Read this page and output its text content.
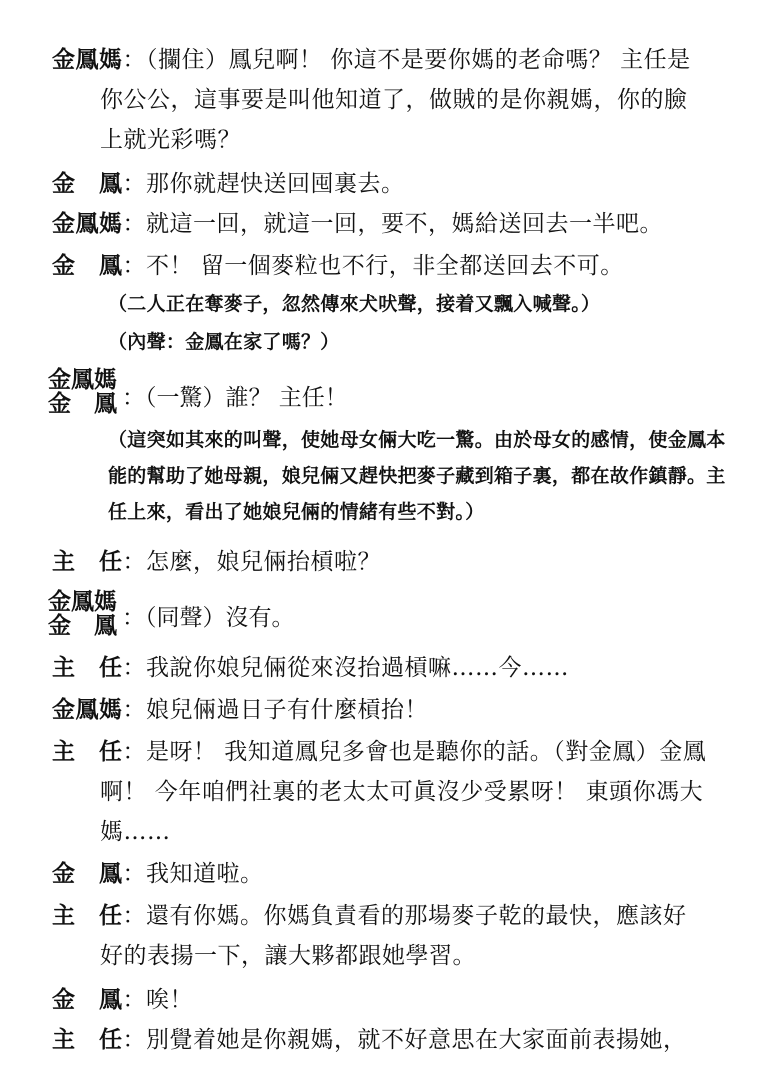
金鳳媽：（攔住）鳳兒啊！ 你這不是要你媽的老命嗎？ 主任是
你公公，這事要是叫他知道了，做賊的是你親媽，你的臉
上就光彩嗎？
金　鳳：那你就趕快送回囤裏去。
金鳳媽：就這一回，就這一回，要不，媽給送回去一半吧。
金　鳳：不！ 留一個麥粒也不行，非全都送回去不可。
（二人正在奪麥子，忽然傳來犬吠聲，接着又飄入喊聲。）
（內聲：金鳳在家了嗎？）
金鳳媽
金　鳳 ：（一驚）誰？ 主任！
（這突如其來的叫聲，使她母女倆大吃一驚。由於母女的感情，使金鳳本
能的幫助了她母親，娘兒倆又趕快把麥子藏到箱子裏，都在故作鎮靜。主
任上來，看出了她娘兒倆的情緒有些不對。）
主　任：怎麼，娘兒倆抬槓啦？
金鳳媽
金　鳳 ：（同聲）沒有。
主　任：我說你娘兒倆從來沒抬過槓嘛……今……
金鳳媽：娘兒倆過日子有什麼槓抬！
主　任：是呀！ 我知道鳳兒多會也是聽你的話。（對金鳳）金鳳
啊！ 今年咱們社裏的老太太可眞沒少受累呀！ 東頭你馮大
媽……
金　鳳：我知道啦。
主　任：還有你媽。你媽負責看的那場麥子乾的最快，應該好
好的表揚一下，讓大夥都跟她學習。
金　鳳：唉！
主　任：別覺着她是你親媽，就不好意思在大家面前表揚她，
